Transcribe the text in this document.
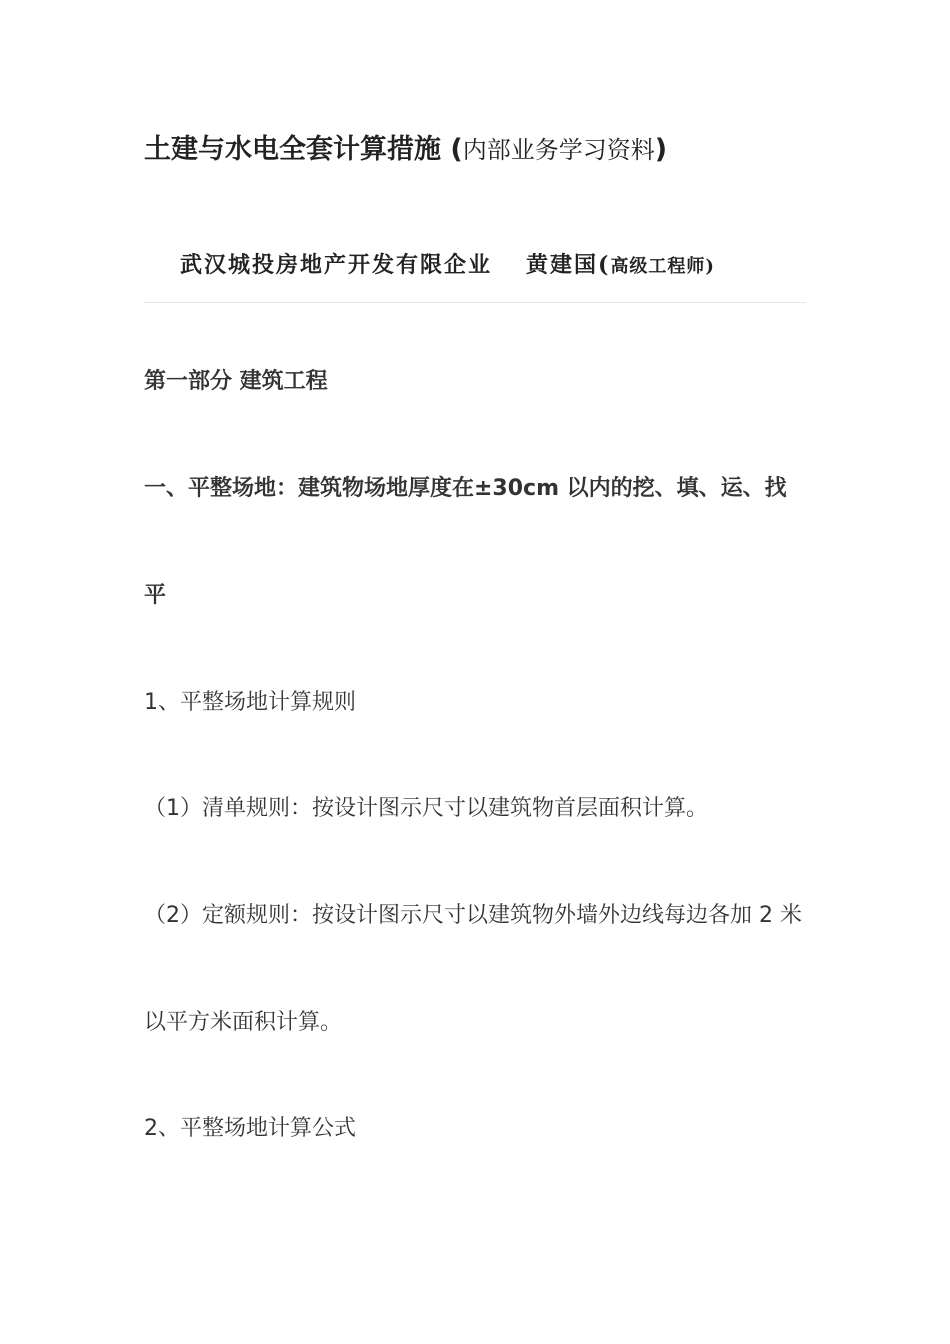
土建与水电全套计算措施 (内部业务学习资料)
武汉城投房地产开发有限企业 黄建国(高级工程师)
第一部分 建筑工程
一、平整场地：建筑物场地厚度在±30cm 以内的挖、填、运、找
平
1、平整场地计算规则
（1）清单规则：按设计图示尺寸以建筑物首层面积计算。
（2）定额规则：按设计图示尺寸以建筑物外墙外边线每边各加 2 米
以平方米面积计算。
2、平整场地计算公式
